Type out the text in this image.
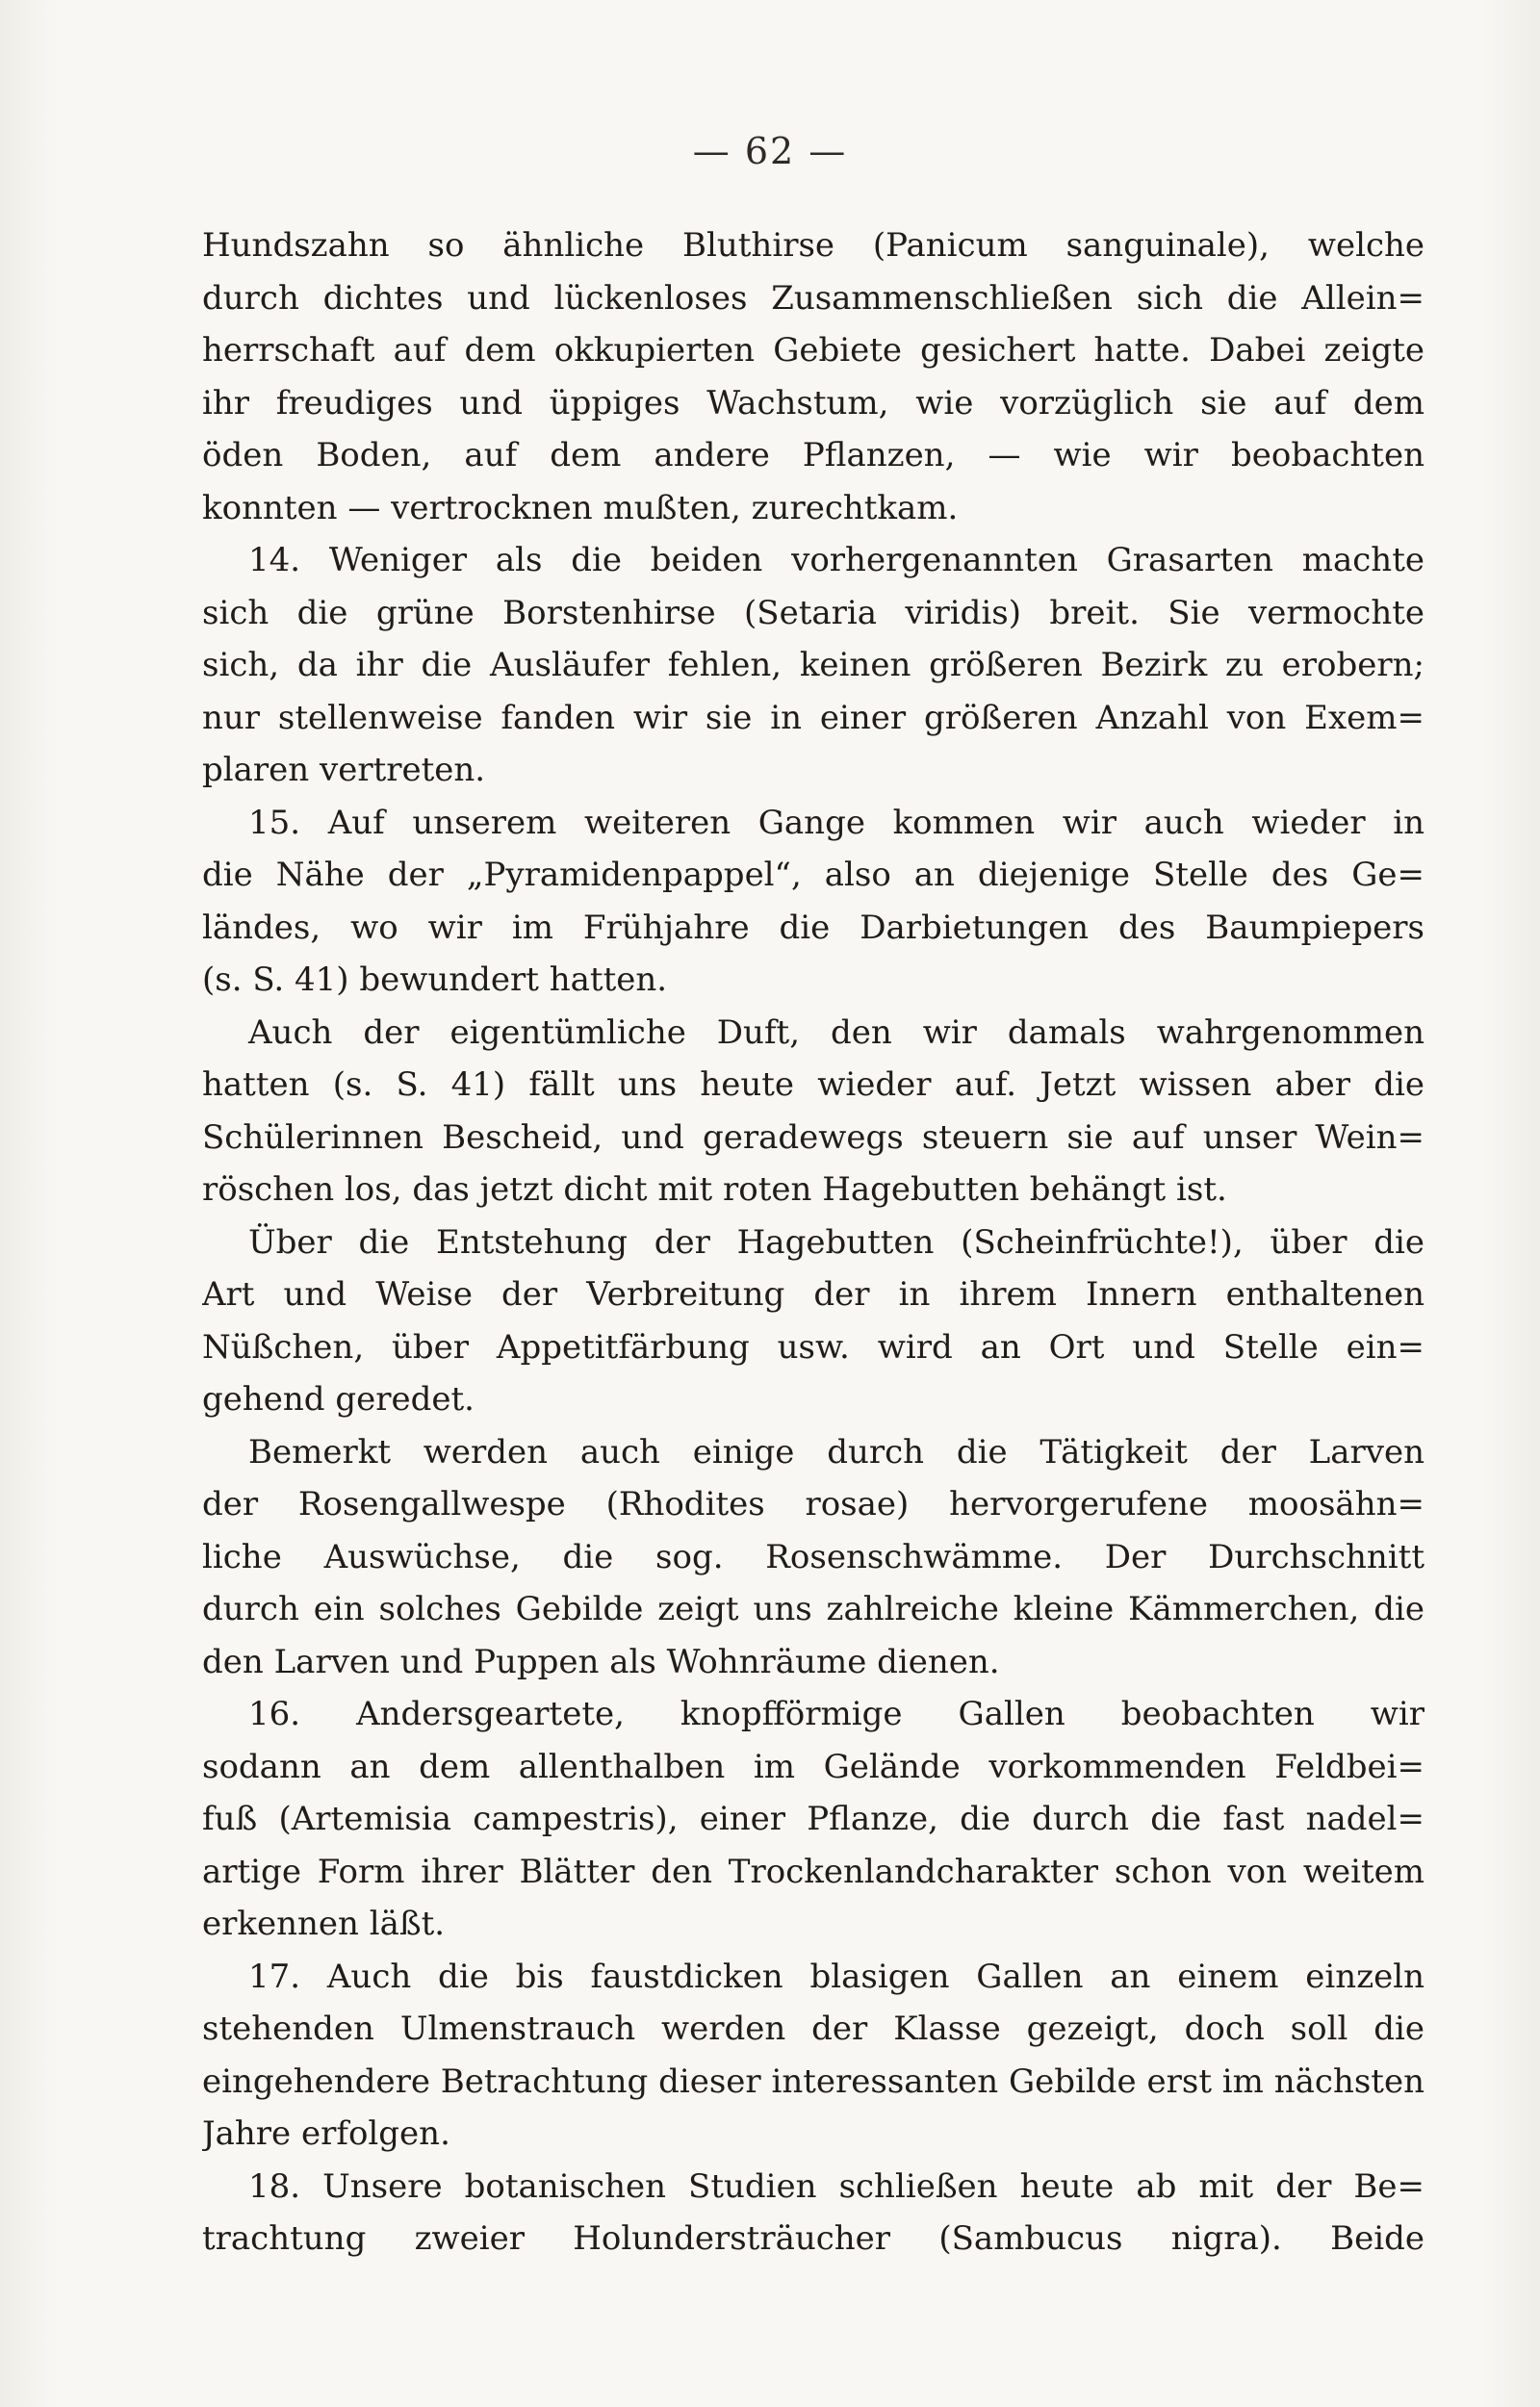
— 62 —
Hundszahn so ähnliche Bluthirse (Panicum sanguinale), welche
durch dichtes und lückenloses Zusammenschließen sich die Allein=
herrschaft auf dem okkupierten Gebiete gesichert hatte. Dabei zeigte
ihr freudiges und üppiges Wachstum, wie vorzüglich sie auf dem
öden Boden, auf dem andere Pflanzen, — wie wir beobachten
konnten — vertrocknen mußten, zurechtkam.
14. Weniger als die beiden vorhergenannten Grasarten machte
sich die grüne Borstenhirse (Setaria viridis) breit. Sie vermochte
sich, da ihr die Ausläufer fehlen, keinen größeren Bezirk zu erobern;
nur stellenweise fanden wir sie in einer größeren Anzahl von Exem=
plaren vertreten.
15. Auf unserem weiteren Gange kommen wir auch wieder in
die Nähe der „Pyramidenpappel“, also an diejenige Stelle des Ge=
ländes, wo wir im Frühjahre die Darbietungen des Baumpiepers
(s. S. 41) bewundert hatten.
Auch der eigentümliche Duft, den wir damals wahrgenommen
hatten (s. S. 41) fällt uns heute wieder auf. Jetzt wissen aber die
Schülerinnen Bescheid, und geradewegs steuern sie auf unser Wein=
röschen los, das jetzt dicht mit roten Hagebutten behängt ist.
Über die Entstehung der Hagebutten (Scheinfrüchte!), über die
Art und Weise der Verbreitung der in ihrem Innern enthaltenen
Nüßchen, über Appetitfärbung usw. wird an Ort und Stelle ein=
gehend geredet.
Bemerkt werden auch einige durch die Tätigkeit der Larven
der Rosengallwespe (Rhodites rosae) hervorgerufene moosähn=
liche Auswüchse, die sog. Rosenschwämme. Der Durchschnitt
durch ein solches Gebilde zeigt uns zahlreiche kleine Kämmerchen, die
den Larven und Puppen als Wohnräume dienen.
16. Andersgeartete, knopfförmige Gallen beobachten wir
sodann an dem allenthalben im Gelände vorkommenden Feldbei=
fuß (Artemisia campestris), einer Pflanze, die durch die fast nadel=
artige Form ihrer Blätter den Trockenlandcharakter schon von weitem
erkennen läßt.
17. Auch die bis faustdicken blasigen Gallen an einem einzeln
stehenden Ulmenstrauch werden der Klasse gezeigt, doch soll die
eingehendere Betrachtung dieser interessanten Gebilde erst im nächsten
Jahre erfolgen.
18. Unsere botanischen Studien schließen heute ab mit der Be=
trachtung zweier Holundersträucher (Sambucus nigra). Beide
